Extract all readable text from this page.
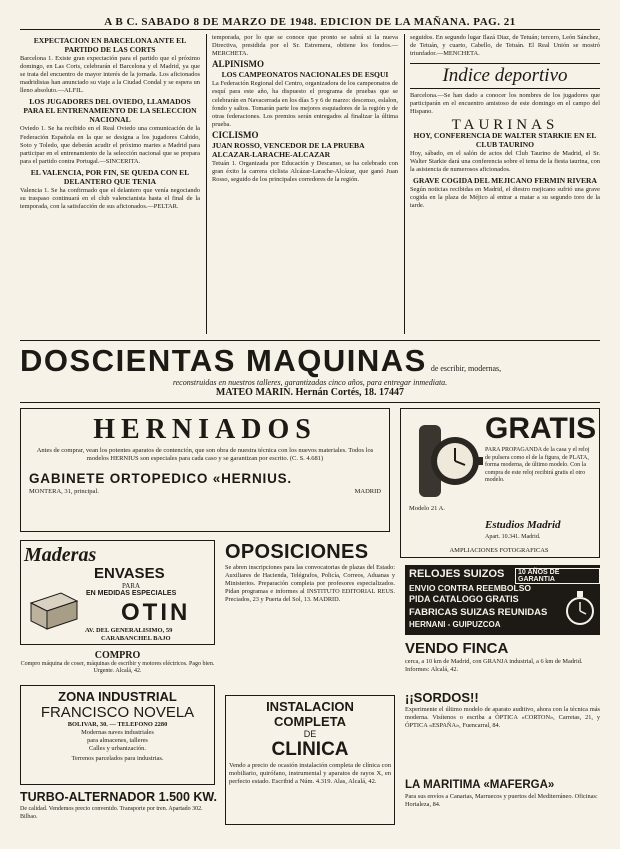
A B C. SABADO 8 DE MARZO DE 1948. EDICION DE LA MAÑANA. PAG. 21
EXPECTACION EN BARCELONA ANTE EL PARTIDO DE LAS CORTS

Barcelona 1. Existe gran expectación para el partido que el próximo domingo, en Las Corts, celebrarán el Barcelona y el Madrid, ya que se trata del encuentro de mayor interés de la jornada. Los aficionados madridistas han anunciado su viaje a la Ciudad Condal y se espera un lleno absoluto.—ALFIL.

LOS JUGADORES DEL OVIEDO, LLAMADOS PARA EL ENTRENAMIENTO DE LA SELECCION NACIONAL

Oviedo 1. Se ha recibido en el Real Oviedo una comunicación de la Federación Española en la que se designa a los jugadores Cabido, Soto y Toledo, que deberán acudir el próximo martes a Madrid para participar en el entrenamiento de la selección nacional que se prepara para el partido contra Portugal.—SINCERITA.

EL VALENCIA, POR FIN, SE QUEDA CON EL DELANTERO QUE TENIA

Valencia 1. Se ha confirmado que el delantero que venía negociando su traspaso continuará en el club valencianista hasta el final de la temporada, con la satisfacción de sus aficionados.—PELTAR.

temporada, por lo que se conoce que pronto se sabrá si la nueva Directiva, presidida por el Sr. Estremera, obtiene los fondos.—MERCHETA.

ALPINISMO
LOS CAMPEONATOS NACIONALES DE ESQUI

La Federación Regional del Centro, organizadora de los campeonatos de esquí para este año, ha dispuesto el programa de pruebas que se celebrarán en Navacerrada en los días 5 y 6 de marzo: descenso, eslalon, fondo y saltos. Tomarán parte los mejores esquiadores de la región y de otras federaciones. Los premios serán entregados al finalizar la última prueba.

CICLISMO
JUAN ROSSO, VENCEDOR DE LA PRUEBA ALCAZAR-LARACHE-ALCAZAR

Tetuán 1. Organizada por Educación y Descanso, se ha celebrado con gran éxito la carrera ciclista Alcázar-Larache-Alcázar, que ganó Juan Rosso, seguido de los principales corredores de la región.

seguidos. En segundo lugar Ilazá Diaz, de Tetuán; tercero, León Sánchez, de Tetuán, y cuarto, Cabello, de Tetuán. El Real Unión se mostró triunfador.—MENCHETA.

Indice deportivo

Barcelona.—Se han dado a conocer los nombres de los jugadores que participarán en el encuentro amistoso de este domingo en el campo del Hispano.

TAURINAS
HOY, CONFERENCIA DE WALTER STARKIE EN EL CLUB TAURINO

Hoy, sábado, en el salón de actos del Club Taurino de Madrid, el Sr. Walter Starkie dará una conferencia sobre el tema de la fiesta taurina, con la asistencia de numerosos aficionados.

GRAVE COGIDA DEL MEJICANO FERMIN RIVERA

Según noticias recibidas en Madrid, el diestro mejicano sufrió una grave cogida en la plaza de Méjico al entrar a matar a su segundo toro de la tarde.

DOSCIENTAS MAQUINAS de escribir, modernas,
reconstruidas en nuestros talleres, garantizadas cinco años, para entregar inmediata.
MATEO MARIN. Hernán Cortés, 18. 17447
HERNIADOS
Antes de comprar, vean los potentes aparatos de contención, que son obra de nuestra técnica con los nuevos materiales. Todos los modelos HERNIUS son especiales para cada caso y se garantizan por escrito. (C. S. 4.681)
GABINETE ORTOPEDICO «HERNIUS.
MONTERA, 31, principal.	MADRID
GRATIS
PARA PROPAGANDA de la casa y el reloj de pulsera como el de la figura, de PLATA, forma moderna, de último modelo. Con la compra de este reloj recibirá gratis el otro modelo.
Modelo 21 A.
Estudios Madrid
Apart. 10.341. Madrid.
AMPLIACIONES FOTOGRAFICAS
Maderas
ENVASES
PARA
EN MEDIDAS ESPECIALES
OTIN
AV. DEL GENERALISIMO, 59
CARABANCHEL BAJO
COMPRO
Compro máquina de coser, máquinas de escribir y motores eléctricos. Pago bien. Urgente. Alcalá, 42.
ZONA INDUSTRIAL
FRANCISCO NOVELA
BOLIVAR, 30. — TELEFONO 2280
Modernas naves industriales
para almacenes, talleres
Calles y urbanización.
Terrenos parcelados para industrias.
TURBO-ALTERNADOR 1.500 KW.
De calidad. Vendemos precio convenido. Transporte por tren. Apartado 302. Bilbao.
OPOSICIONES
Se abren inscripciones para las convocatorias de plazas del Estado: Auxiliares de Hacienda, Telégrafos, Policía, Correos, Aduanas y Ministerios. Preparación completa por profesores especializados. Pidan programas e informes al INSTITUTO EDITORIAL REUS. Preciados, 23 y Puerta del Sol, 13. MADRID.
INSTALACION COMPLETA
DE
CLINICA
Vendo a precio de ocasión instalación completa de clínica con mobiliario, quirófano, instrumental y aparatos de rayos X, en perfecto estado. Escribid a Núm. 4.319. Alas, Alcalá, 42.
RELOJES SUIZOS	10 AÑOS DE GARANTIA
ENVIO CONTRA REEMBOLSO
PIDA CATALOGO GRATIS
FABRICAS SUIZAS REUNIDAS
HERNANI - GUIPUZCOA
VENDO FINCA
cerca, a 10 km de Madrid, con GRANJA industrial, a 6 km de Madrid. Informes: Alcalá, 42.
¡¡SORDOS!!
Experimente el último modelo de aparato auditivo, ahora con la técnica más moderna. Visítenos o escriba a ÓPTICA «CORTON», Carretas, 21, y ÓPTICA «ESPAÑA», Fuencarral, 84.
LA MARITIMA «MAFERGA»
Para sus envíos a Canarias, Marruecos y puertos del Mediterráneo. Oficinas: Hortaleza, 84.
